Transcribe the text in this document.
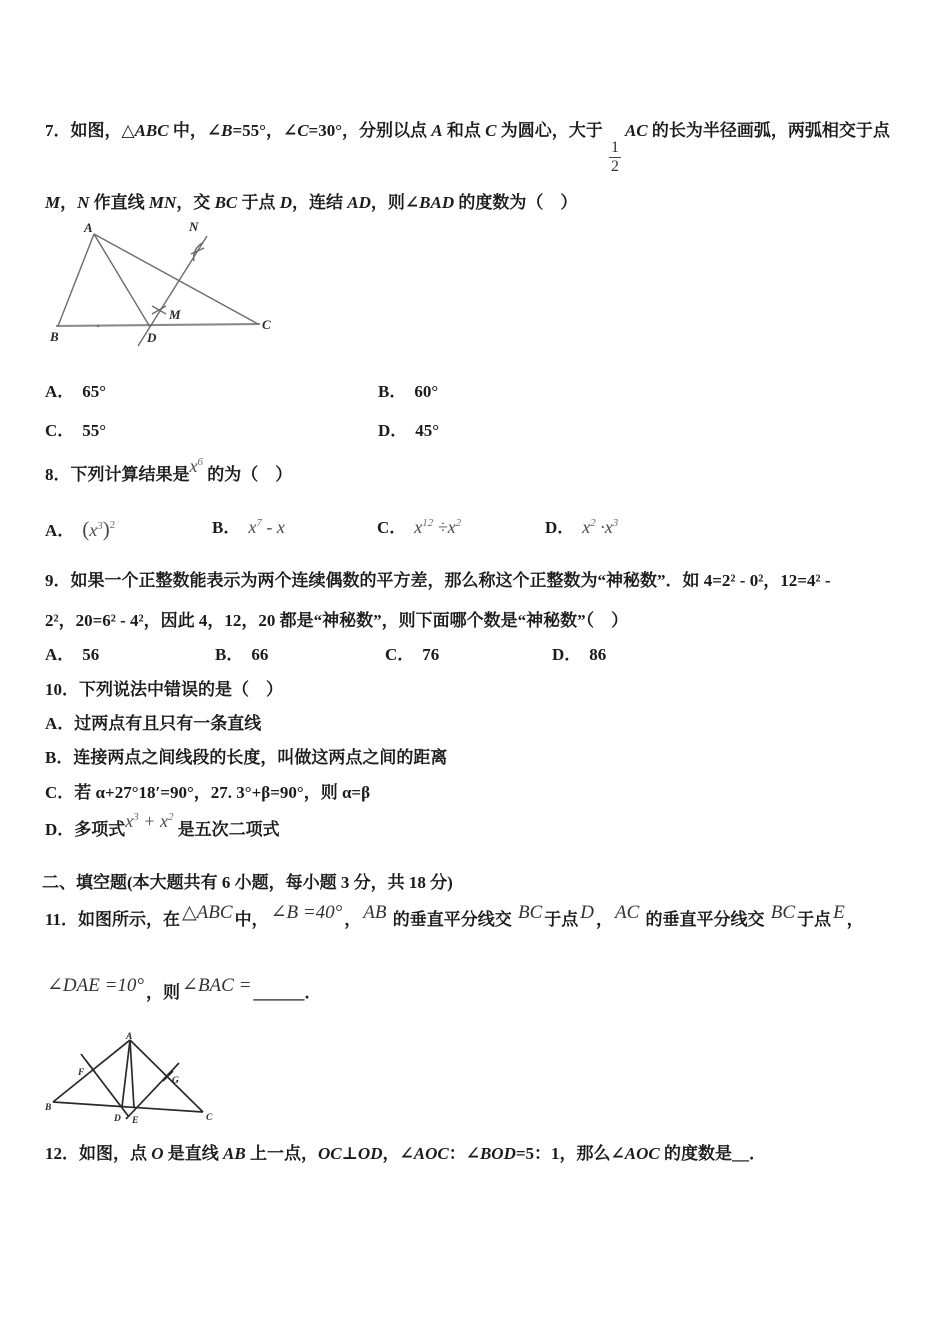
7．如图，△ABC 中，∠B=55°，∠C=30°，分别以点 A 和点 C 为圆心，大于
$\frac{1}{2}$
AC 的长为半径画弧，两弧相交于点
M，N 作直线 MN，交 BC 于点 D，连结 AD，则∠BAD 的度数为（　）
A
B
C
D
M
N
A． 65°	B． 60°
C． 55°	D． 45°
8．下列计算结果是$x^6$ 的为（　）
A． $(x^3)^2$	B． $x^7$ - x	C． $x^{12} \div x^2$	D． $x^2 \cdot x^3$
9．如果一个正整数能表示为两个连续偶数的平方差，那么称这个正整数为“神秘数”．如 4=2² - 0²，12=4² -
2²，20=6² - 4²，因此 4，12，20 都是“神秘数”，则下面哪个数是“神秘数”（　）
A． 56	B． 66	C． 76	D． 86
10．下列说法中错误的是（　）
A．过两点有且只有一条直线
B．连接两点之间线段的长度，叫做这两点之间的距离
C．若 α+27°18′=90°，27. 3°+β=90°，则 α=β
D．多项式$x^3 + x^2$ 是五次二项式
二、填空题(本大题共有 6 小题，每小题 3 分，共 18 分)
11．如图所示，在 △ABC 中， ∠B =40° ， AB 的垂直平分线交 BC 于点 D ， AC 的垂直平分线交 BC 于点 E ，
∠DAE =10° ，则 ∠BAC = ______．
A
B
C
D E
F
G
12．如图，点 O 是直线 AB 上一点，OC⊥OD，∠AOC：∠BOD=5：1，那么∠AOC 的度数是__．
